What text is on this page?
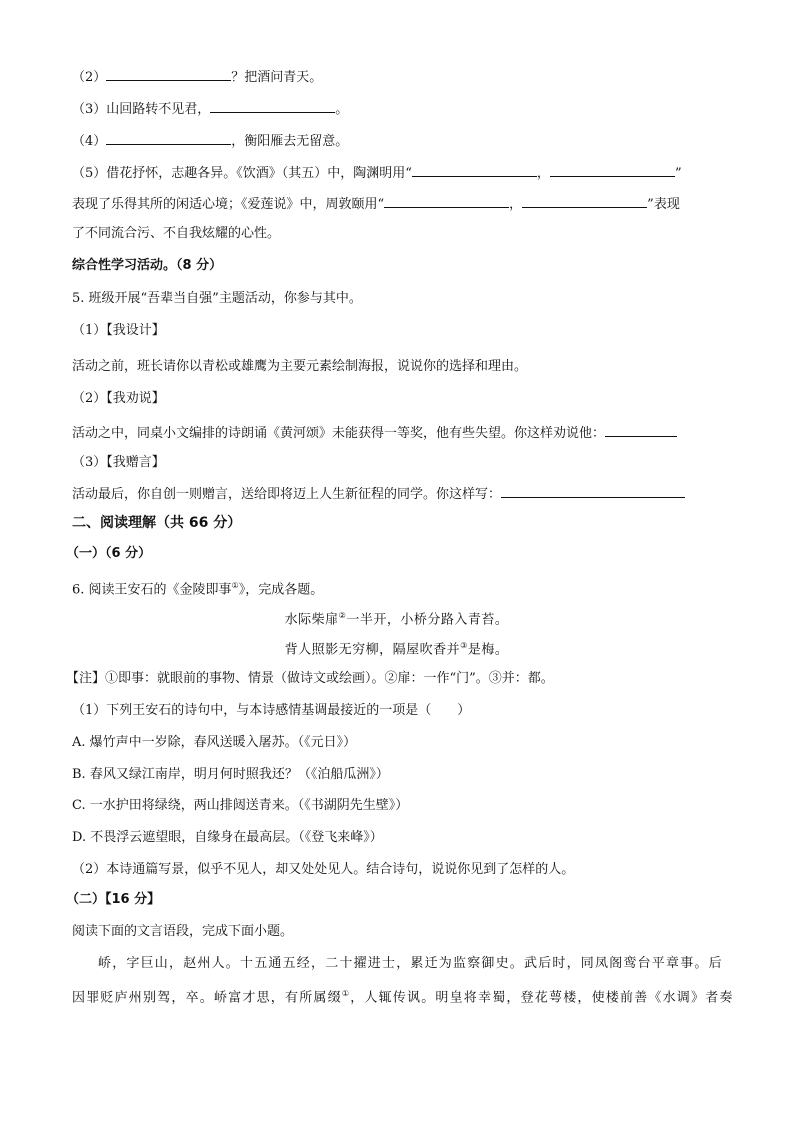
（2）	？把酒问青天。
（3）山回路转不见君，	。
（4）	，衡阳雁去无留意。
（5）借花抒怀，志趣各异。《饮酒》（其五）中，陶渊明用“	，	”
表现了乐得其所的闲适心境；《爱莲说》中，周敦颐用“	，	”表现
了不同流合污、不自我炫耀的心性。
综合性学习活动。（8 分）
5. 班级开展“吾辈当自强”主题活动，你参与其中。
（1）【我设计】
活动之前，班长请你以青松或雄鹰为主要元素绘制海报，说说你的选择和理由。
（2）【我劝说】
活动之中，同桌小文编排的诗朗诵《黄河颂》未能获得一等奖，他有些失望。你这样劝说他：
（3）【我赠言】
活动最后，你自创一则赠言，送给即将迈上人生新征程的同学。你这样写：
二、阅读理解（共 66 分）
（一）（6 分）
6. 阅读王安石的《金陵即事①》，完成各题。
水际柴扉②一半开，小桥分路入青苔。
背人照影无穷柳，隔屋吹香并③是梅。
【注】①即事：就眼前的事物、情景（做诗文或绘画）。②扉：一作“门”。③并：都。
（1）下列王安石的诗句中，与本诗感情基调最接近的一项是（　　）
A. 爆竹声中一岁除，春风送暖入屠苏。（《元日》）
B. 春风又绿江南岸，明月何时照我还？（《泊船瓜洲》）
C. 一水护田将绿绕，两山排闼送青来。（《书湖阴先生壁》）
D. 不畏浮云遮望眼，自缘身在最高层。（《登飞来峰》）
（2）本诗通篇写景，似乎不见人，却又处处见人。结合诗句，说说你见到了怎样的人。
（二）【16 分】
阅读下面的文言语段，完成下面小题。
峤，字巨山，赵州人。十五通五经，二十擢进士，累迁为监察御史。武后时，同凤阁鸾台平章事。后
因罪贬庐州别驾，卒。峤富才思，有所属缀①，人辄传讽。明皇将幸蜀，登花萼楼，使楼前善《水调》者奏
